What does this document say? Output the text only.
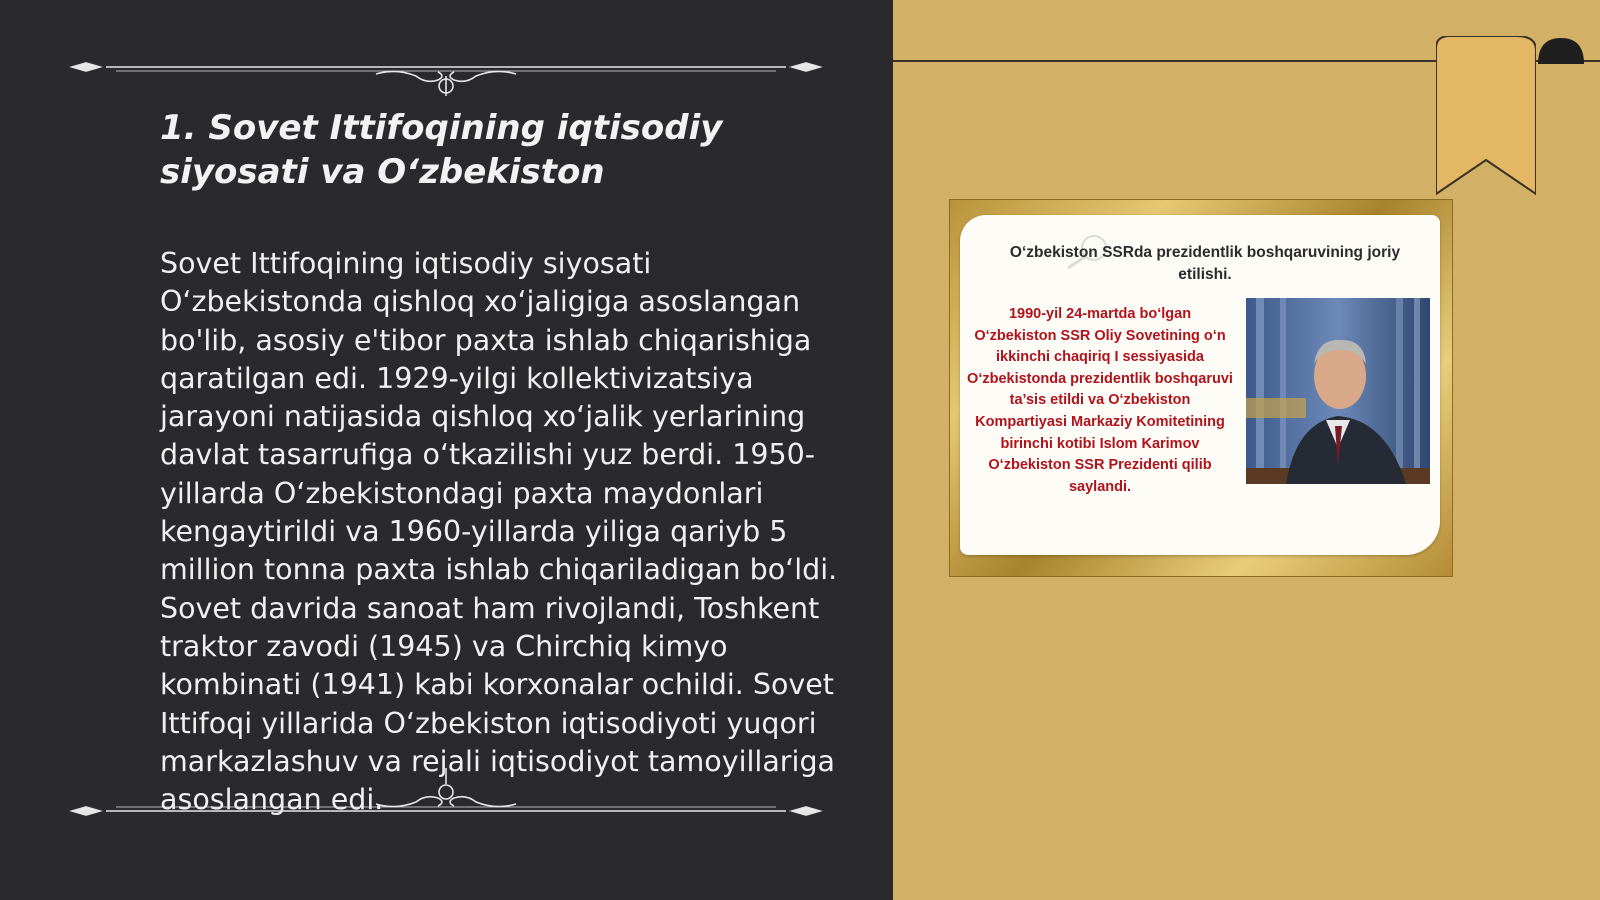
1. Sovet Ittifoqining iqtisodiy siyosati va O‘zbekiston

Sovet Ittifoqining iqtisodiy siyosati O‘zbekistonda qishloq xo‘jaligiga asoslangan bo'lib, asosiy e'tibor paxta ishlab chiqarishiga qaratilgan edi. 1929-yilgi kollektivizatsiya jarayoni natijasida qishloq xo‘jalik yerlarining davlat tasarrufiga o‘tkazilishi yuz berdi. 1950-yillarda O‘zbekistondagi paxta maydonlari kengaytirildi va 1960-yillarda yiliga qariyb 5 million tonna paxta ishlab chiqariladigan bo‘ldi. Sovet davrida sanoat ham rivojlandi, Toshkent traktor zavodi (1945) va Chirchiq kimyo kombinati (1941) kabi korxonalar ochildi. Sovet Ittifoqi yillarida O‘zbekiston iqtisodiyoti yuqori markazlashuv va rejali iqtisodiyot tamoyillariga asoslangan edi.

O‘zbekiston SSRda prezidentlik boshqaruvining joriy etilishi.
1990-yil 24-martda bo‘lgan O‘zbekiston SSR Oliy Sovetining o‘n ikkinchi chaqiriq I sessiyasida O‘zbekistonda prezidentlik boshqaruvi ta’sis etildi va O‘zbekiston Kompartiyasi Markaziy Komitetining birinchi kotibi Islom Karimov O‘zbekiston SSR Prezidenti qilib saylandi.
